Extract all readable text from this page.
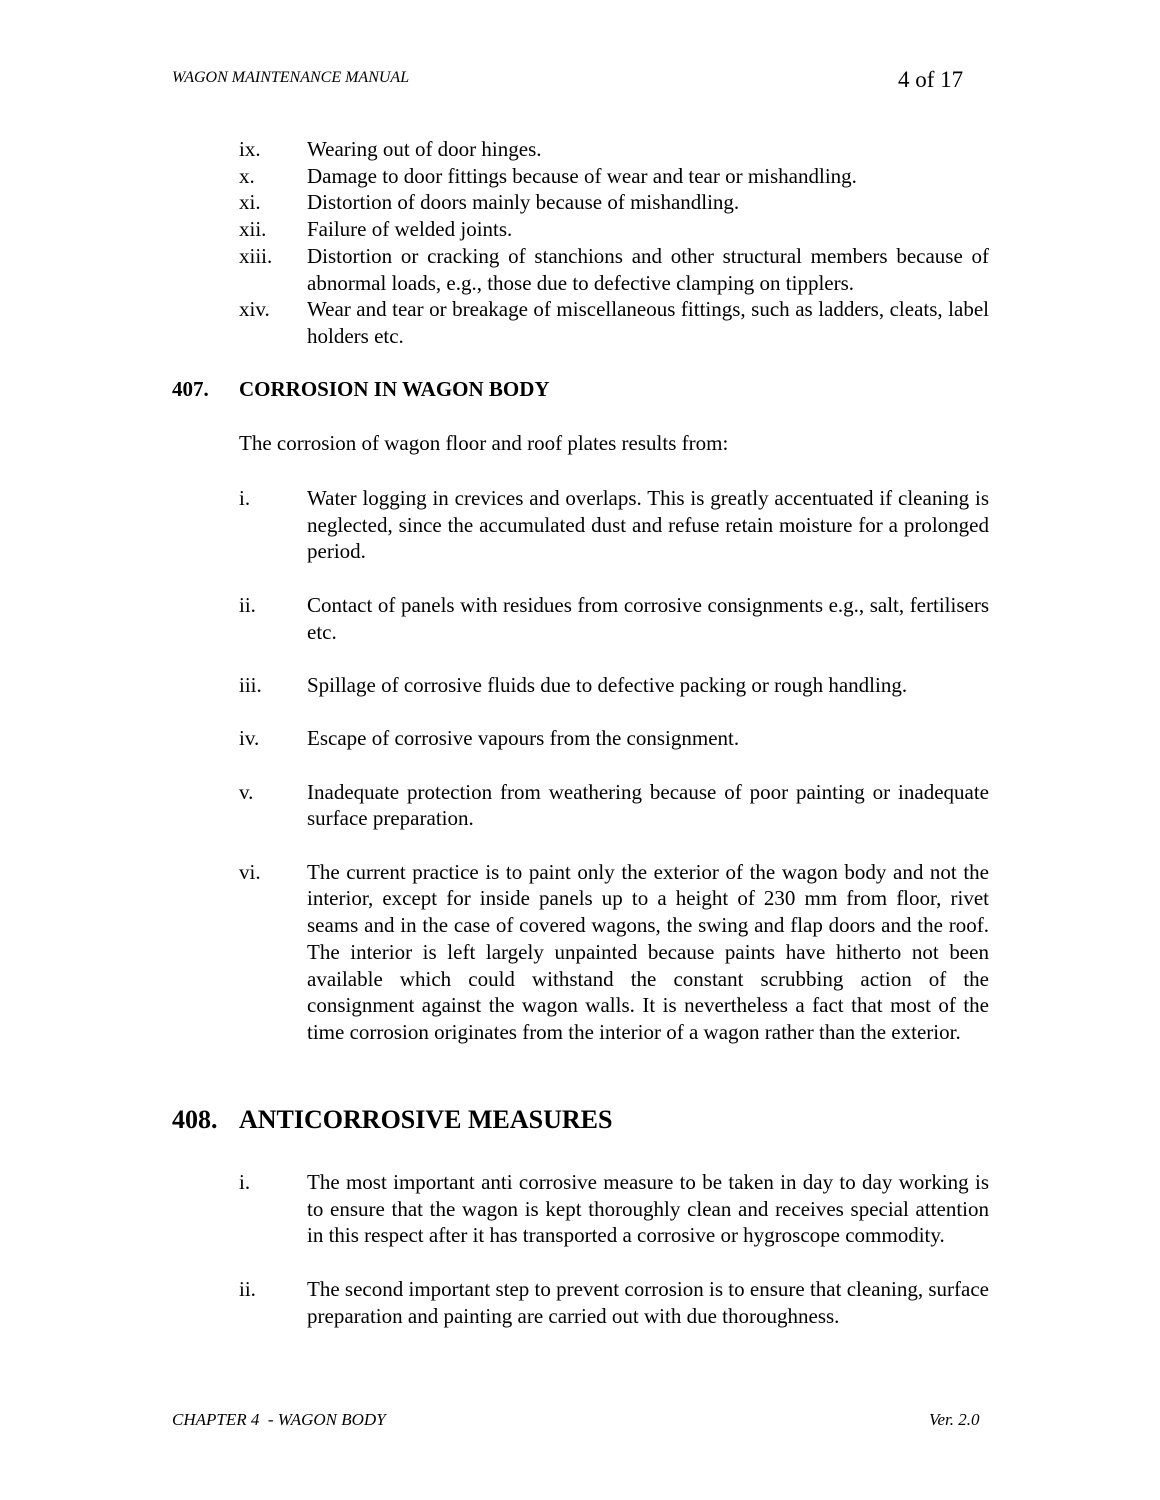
WAGON MAINTENANCE MANUAL	4 of 17
ix.	Wearing out of door hinges.
x.	Damage to door fittings because of wear and tear or mishandling.
xi.	Distortion of doors mainly because of mishandling.
xii.	Failure of welded joints.
xiii.	Distortion or cracking of stanchions and other structural members because of abnormal loads, e.g., those due to defective clamping on tipplers.
xiv.	Wear and tear or breakage of miscellaneous fittings, such as ladders, cleats, label holders etc.
407.	CORROSION IN WAGON BODY
The corrosion of wagon floor and roof plates results from:
i.	Water logging in crevices and overlaps. This is greatly accentuated if cleaning is neglected, since the accumulated dust and refuse retain moisture for a prolonged period.
ii.	Contact of panels with residues from corrosive consignments e.g., salt, fertilisers etc.
iii.	Spillage of corrosive fluids due to defective packing or rough handling.
iv.	Escape of corrosive vapours from the consignment.
v.	Inadequate protection from weathering because of poor painting or inadequate surface preparation.
vi.	The current practice is to paint only the exterior of the wagon body and not the interior, except for inside panels up to a height of 230 mm from floor, rivet seams and in the case of covered wagons, the swing and flap doors and the roof. The interior is left largely unpainted because paints have hitherto not been available which could withstand the constant scrubbing action of the consignment against the wagon walls. It is nevertheless a fact that most of the time corrosion originates from the interior of a wagon rather than the exterior.
408. ANTICORROSIVE MEASURES
i.	The most important anti corrosive measure to be taken in day to day working is to ensure that the wagon is kept thoroughly clean and receives special attention in this respect after it has transported a corrosive or hygroscope commodity.
ii.	The second important step to prevent corrosion is to ensure that cleaning, surface preparation and painting are carried out with due thoroughness.
CHAPTER 4  - WAGON BODY	Ver. 2.0
